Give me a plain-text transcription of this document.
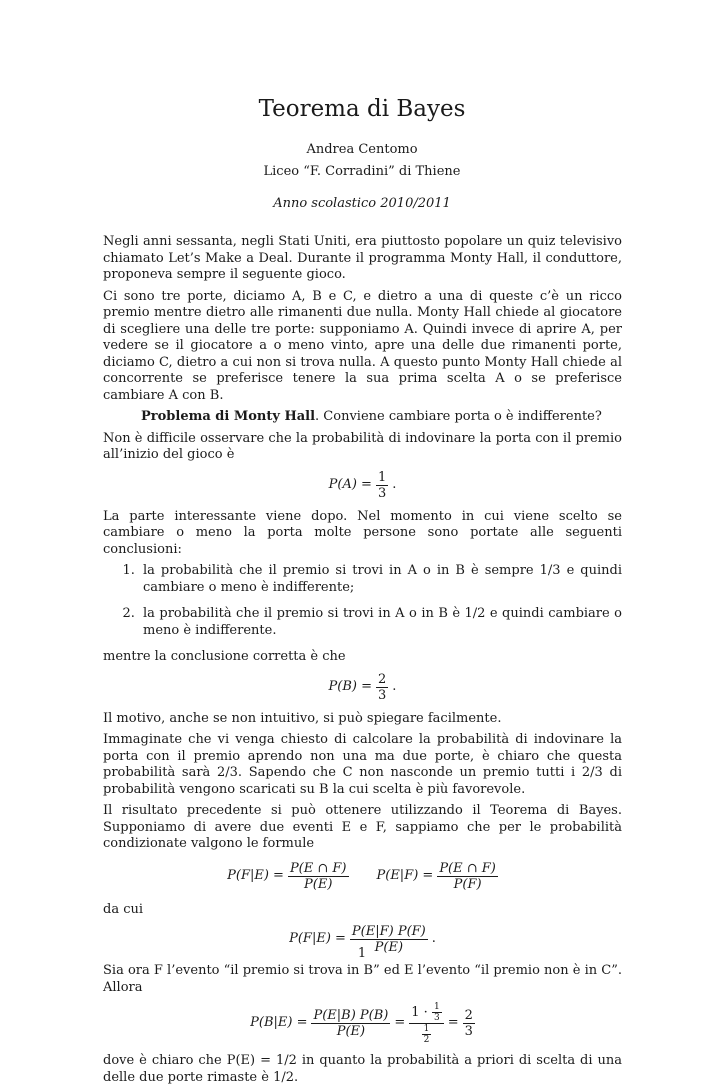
Teorema di Bayes
Andrea Centomo
Liceo “F. Corradini” di Thiene
Anno scolastico 2010/2011

Negli anni sessanta, negli Stati Uniti, era piuttosto popolare un quiz televisivo chiamato Let’s Make a Deal. Durante il programma Monty Hall, il conduttore, proponeva sempre il seguente gioco.

Ci sono tre porte, diciamo A, B e C, e dietro a una di queste c’è un ricco premio mentre dietro alle rimanenti due nulla. Monty Hall chiede al giocatore di scegliere una delle tre porte: supponiamo A. Quindi invece di aprire A, per vedere se il giocatore a o meno vinto, apre una delle due rimanenti porte, diciamo C, dietro a cui non si trova nulla. A questo punto Monty Hall chiede al concorrente se preferisce tenere la sua prima scelta A o se preferisce cambiare A con B.

Problema di Monty Hall. Conviene cambiare porta o è indifferente?

Non è difficile osservare che la probabilità di indovinare la porta con il premio all’inizio del gioco è

$P(A) = \frac{1}{3}$ .

La parte interessante viene dopo. Nel momento in cui viene scelto se cambiare o meno la porta molte persone sono portate alle seguenti conclusioni:

1. la probabilità che il premio si trovi in A o in B è sempre 1/3 e quindi cambiare o meno è indifferente;
2. la probabilità che il premio si trovi in A o in B è 1/2 e quindi cambiare o meno è indifferente.

mentre la conclusione corretta è che

$P(B) = \frac{2}{3}$ .

Il motivo, anche se non intuitivo, si può spiegare facilmente.

Immaginate che vi venga chiesto di calcolare la probabilità di indovinare la porta con il premio aprendo non una ma due porte, è chiaro che questa probabilità sarà 2/3. Sapendo che C non nasconde un premio tutti i 2/3 di probabilità vengono scaricati su B la cui scelta è più favorevole.

Il risultato precedente si può ottenere utilizzando il Teorema di Bayes. Supponiamo di avere due eventi E e F, sappiamo che per le probabilità condizionate valgono le formule

$P(F|E) = \frac{P(E \cap F)}{P(E)} P(E|F) = \frac{P(E \cap F)}{P(F)}$

da cui

$P(F|E) = \frac{P(E|F) P(F)}{P(E)}$ .

Sia ora F l’evento “il premio si trova in B” ed E l’evento “il premio non è in C”. Allora

$P(B|E) = \frac{P(E|B) P(B)}{P(E)} = \frac{1 \cdot \frac{1}{3}}{\frac{1}{2}} = \frac{2}{3}$

dove è chiaro che P(E) = 1/2 in quanto la probabilità a priori di scelta di una delle due porte rimaste è 1/2.

1
